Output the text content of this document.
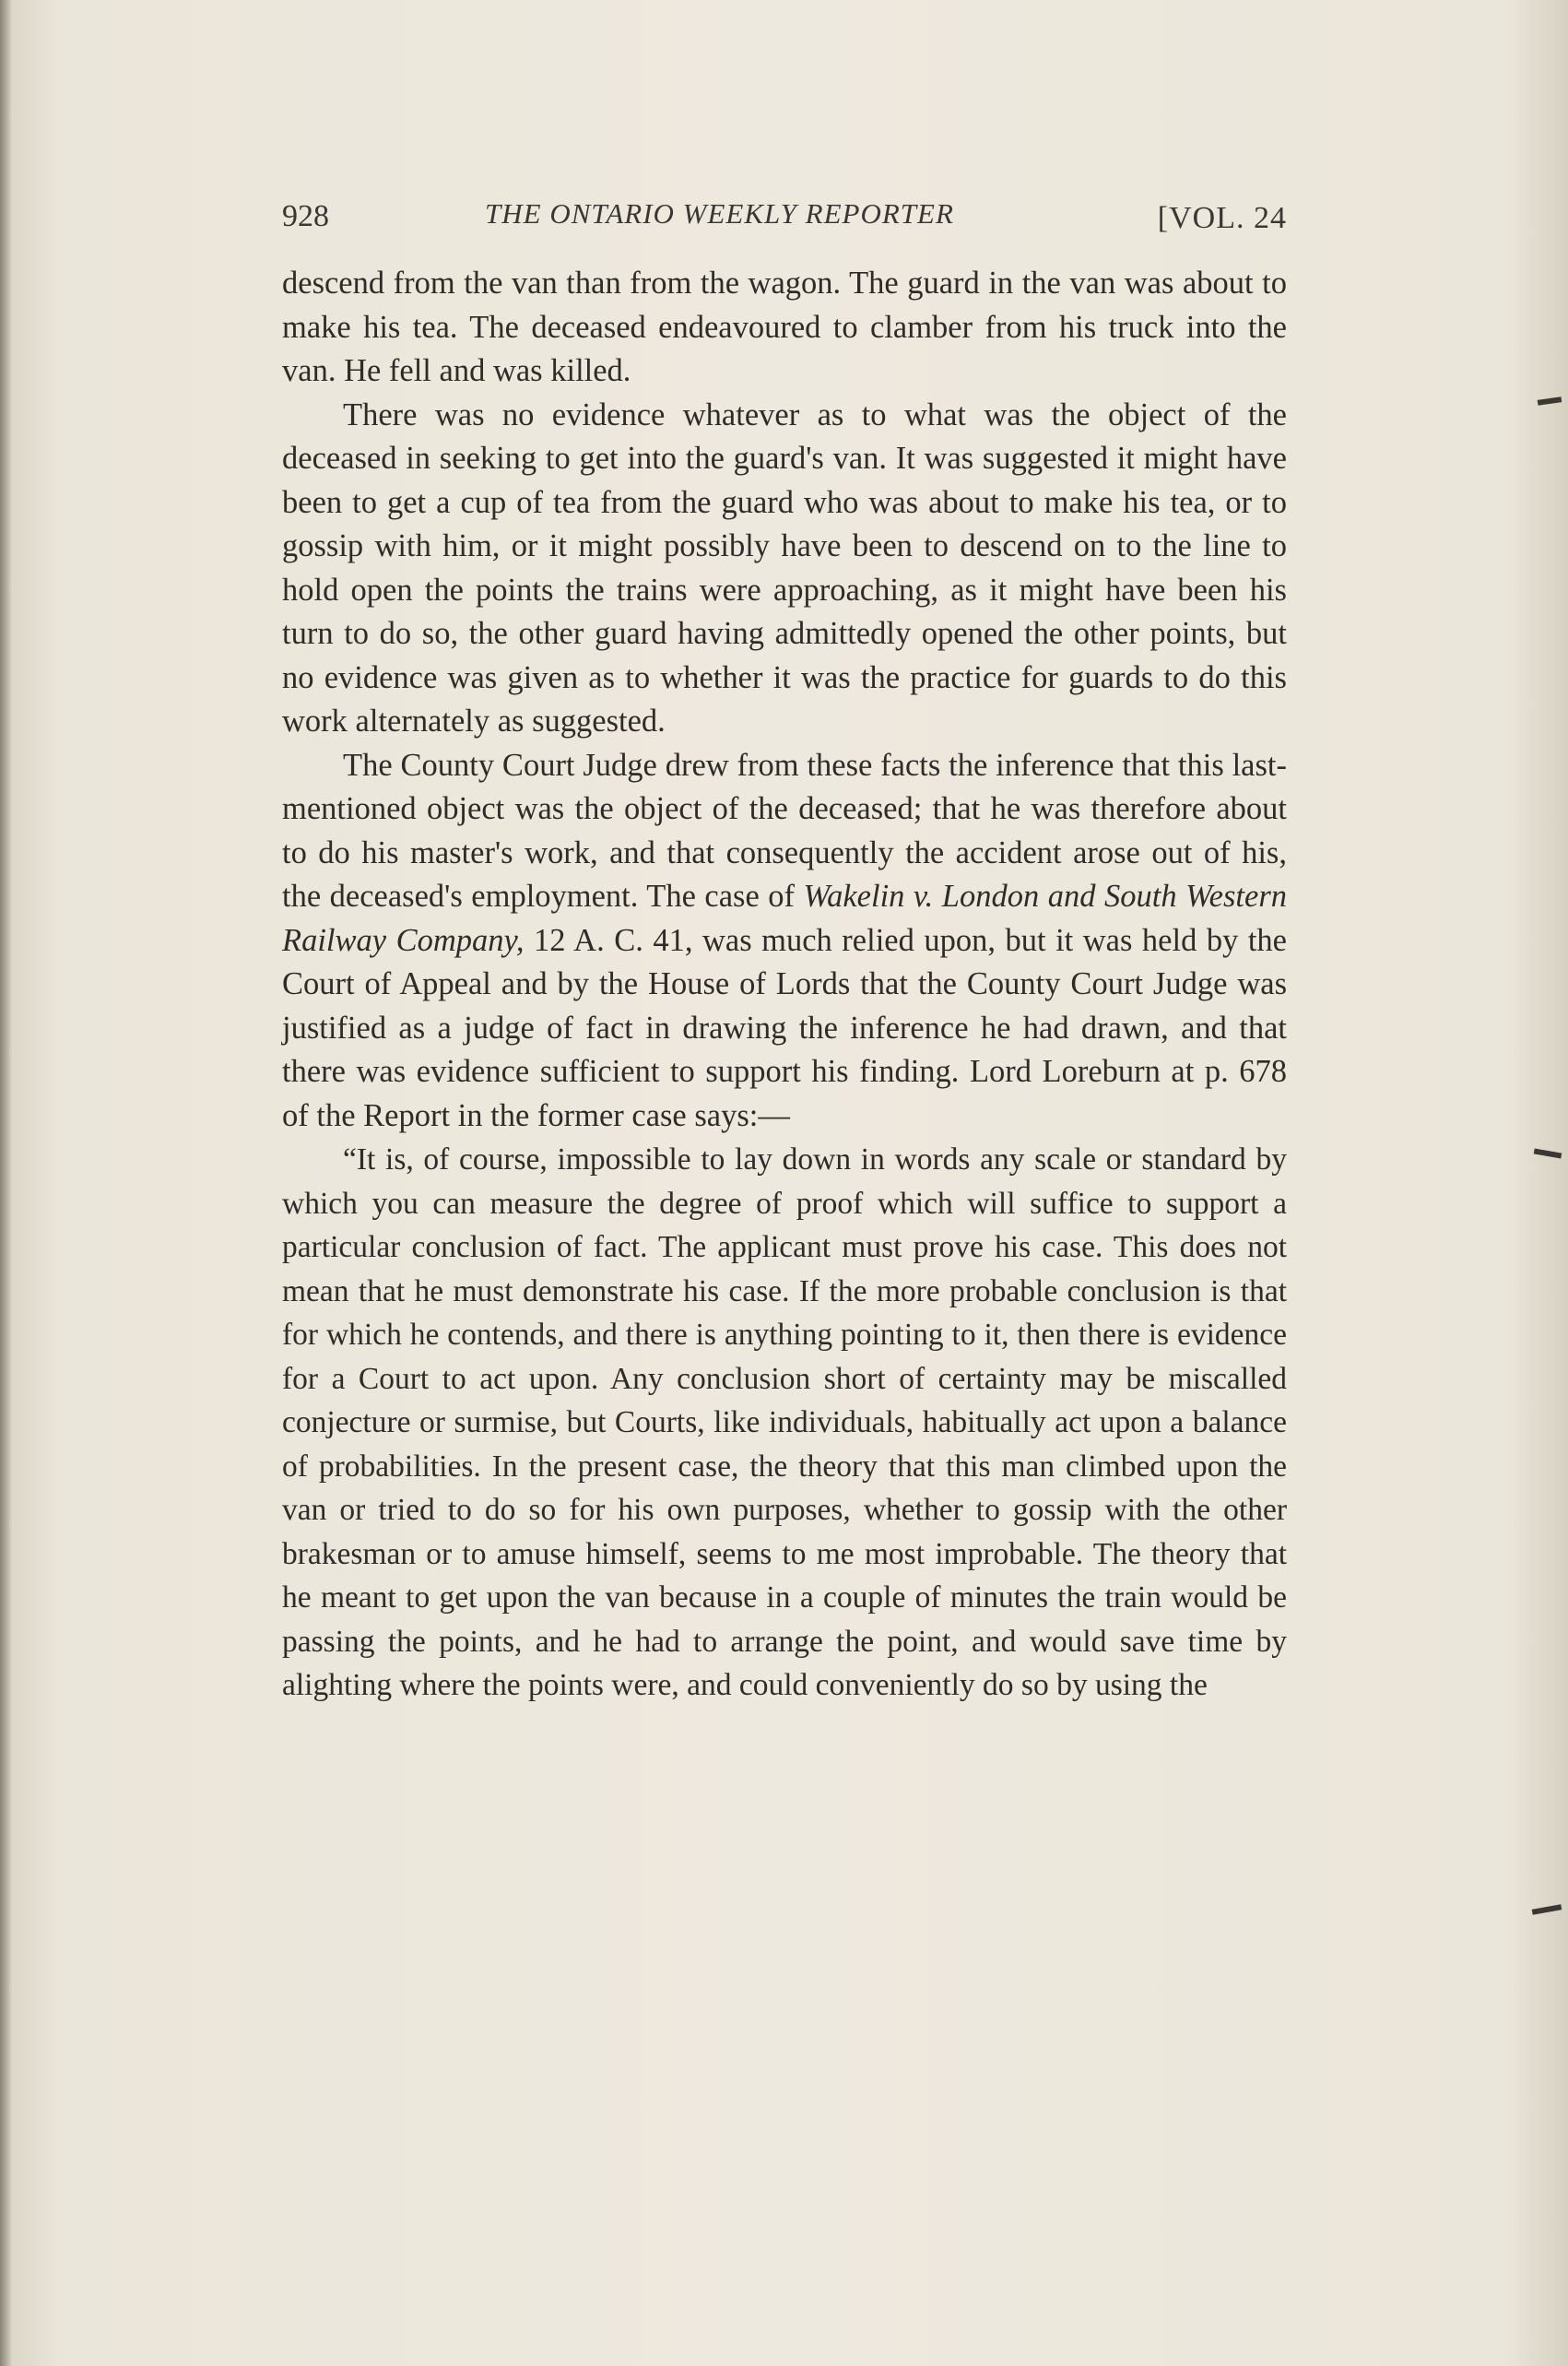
928	THE ONTARIO WEEKLY REPORTER	[VOL. 24

descend from the van than from the wagon. The guard in the van was about to make his tea. The deceased endeavoured to clamber from his truck into the van. He fell and was killed.

There was no evidence whatever as to what was the object of the deceased in seeking to get into the guard's van. It was suggested it might have been to get a cup of tea from the guard who was about to make his tea, or to gossip with him, or it might possibly have been to descend on to the line to hold open the points the trains were approaching, as it might have been his turn to do so, the other guard having admittedly opened the other points, but no evidence was given as to whether it was the practice for guards to do this work alternately as suggested.

The County Court Judge drew from these facts the inference that this last-mentioned object was the object of the deceased; that he was therefore about to do his master's work, and that consequently the accident arose out of his, the deceased's employment. The case of Wakelin v. London and South Western Railway Company, 12 A. C. 41, was much relied upon, but it was held by the Court of Appeal and by the House of Lords that the County Court Judge was justified as a judge of fact in drawing the inference he had drawn, and that there was evidence sufficient to support his finding. Lord Loreburn at p. 678 of the Report in the former case says:—

“It is, of course, impossible to lay down in words any scale or standard by which you can measure the degree of proof which will suffice to support a particular conclusion of fact. The applicant must prove his case. This does not mean that he must demonstrate his case. If the more probable conclusion is that for which he contends, and there is anything pointing to it, then there is evidence for a Court to act upon. Any conclusion short of certainty may be miscalled conjecture or surmise, but Courts, like individuals, habitually act upon a balance of probabilities. In the present case, the theory that this man climbed upon the van or tried to do so for his own purposes, whether to gossip with the other brakesman or to amuse himself, seems to me most improbable. The theory that he meant to get upon the van because in a couple of minutes the train would be passing the points, and he had to arrange the point, and would save time by alighting where the points were, and could conveniently do so by using the
